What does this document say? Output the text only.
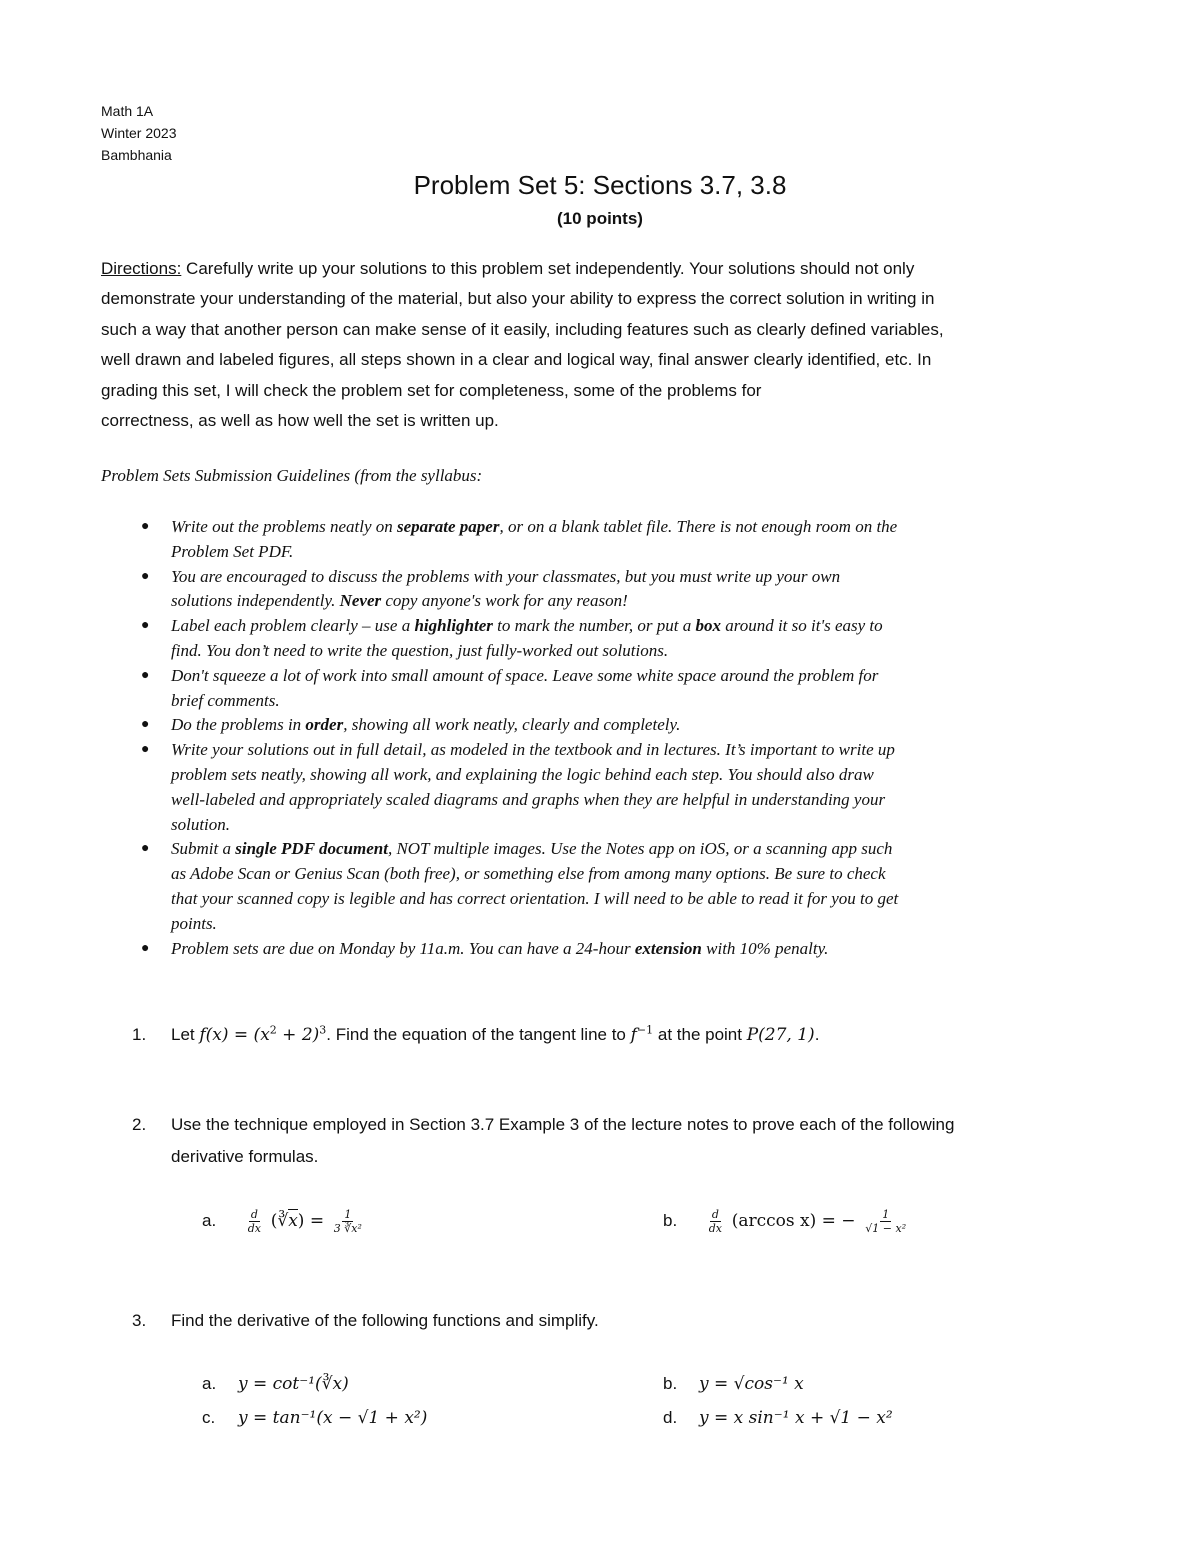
Math 1A
Winter 2023
Bambhania
Problem Set 5: Sections 3.7, 3.8
(10 points)
Directions: Carefully write up your solutions to this problem set independently. Your solutions should not only
demonstrate your understanding of the material, but also your ability to express the correct solution in writing in
such a way that another person can make sense of it easily, including features such as clearly defined variables,
well drawn and labeled figures, all steps shown in a clear and logical way, final answer clearly identified, etc. In
grading this set, I will check the problem set for completeness, some of the problems for
correctness, as well as how well the set is written up.
Problem Sets Submission Guidelines (from the syllabus:
● Write out the problems neatly on separate paper, or on a blank tablet file. There is not enough room on the
Problem Set PDF.
● You are encouraged to discuss the problems with your classmates, but you must write up your own
solutions independently. Never copy anyone's work for any reason!
● Label each problem clearly – use a highlighter to mark the number, or put a box around it so it's easy to
find. You don’t need to write the question, just fully-worked out solutions.
● Don't squeeze a lot of work into small amount of space. Leave some white space around the problem for
brief comments.
● Do the problems in order, showing all work neatly, clearly and completely.
● Write your solutions out in full detail, as modeled in the textbook and in lectures. It’s important to write up
problem sets neatly, showing all work, and explaining the logic behind each step. You should also draw
well-labeled and appropriately scaled diagrams and graphs when they are helpful in understanding your
solution.
● Submit a single PDF document, NOT multiple images. Use the Notes app on iOS, or a scanning app such
as Adobe Scan or Genius Scan (both free), or something else from among many options. Be sure to check
that your scanned copy is legible and has correct orientation. I will need to be able to read it for you to get
points.
● Problem sets are due on Monday by 11a.m. You can have a 24-hour extension with 10% penalty.
1. Let $f(x) = (x^2 + 2)^3$. Find the equation of the tangent line to $f^{-1}$ at the point P(27, 1).
2. Use the technique employed in Section 3.7 Example 3 of the lecture notes to prove each of the following
derivative formulas.
a.	$\frac{d}{dx}$ (∛x) = $\frac{1}{\text{3 ∛x²}}$	b.	$\frac{d}{dx} (\arccos$ x) = − $\frac{1}{\text{√1 − x²}}$
3. Find the derivative of the following functions and simplify.
a. y = cot⁻¹(∛x)	b. y = √cos⁻¹ x
c. y = tan⁻¹(x − √1 + x²)	d. y = x sin⁻¹ x + √1 − x²
